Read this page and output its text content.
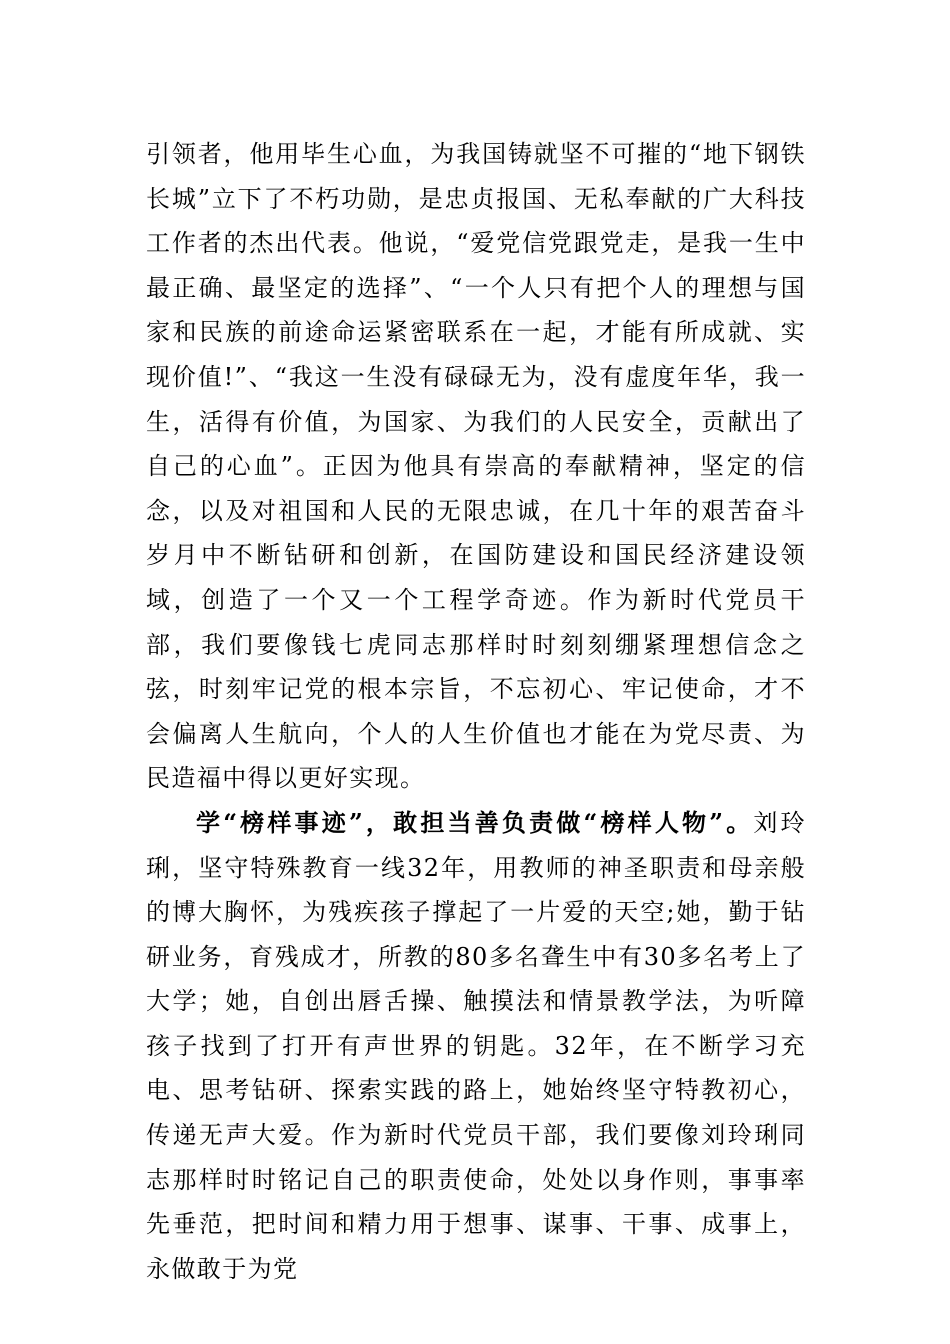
引领者，他用毕生心血，为我国铸就坚不可摧的“地下钢铁长城”立下了不朽功勋，是忠贞报国、无私奉献的广大科技工作者的杰出代表。他说，“爱党信党跟党走，是我一生中最正确、最坚定的选择”、“一个人只有把个人的理想与国家和民族的前途命运紧密联系在一起，才能有所成就、实现价值!”、“我这一生没有碌碌无为，没有虚度年华，我一生，活得有价值，为国家、为我们的人民安全，贡献出了自己的心血”。正因为他具有崇高的奉献精神，坚定的信念，以及对祖国和人民的无限忠诚，在几十年的艰苦奋斗岁月中不断钻研和创新，在国防建设和国民经济建设领域，创造了一个又一个工程学奇迹。作为新时代党员干部，我们要像钱七虎同志那样时时刻刻绷紧理想信念之弦，时刻牢记党的根本宗旨，不忘初心、牢记使命，才不会偏离人生航向，个人的人生价值也才能在为党尽责、为民造福中得以更好实现。

学“榜样事迹”，敢担当善负责做“榜样人物”。刘玲琍，坚守特殊教育一线32年，用教师的神圣职责和母亲般的博大胸怀，为残疾孩子撑起了一片爱的天空;她，勤于钻研业务，育残成才，所教的80多名聋生中有30多名考上了大学；她，自创出唇舌操、触摸法和情景教学法，为听障孩子找到了打开有声世界的钥匙。32年，在不断学习充电、思考钻研、探索实践的路上，她始终坚守特教初心，传递无声大爱。作为新时代党员干部，我们要像刘玲琍同志那样时时铭记自己的职责使命，处处以身作则，事事率先垂范，把时间和精力用于想事、谋事、干事、成事上，永做敢于为党
